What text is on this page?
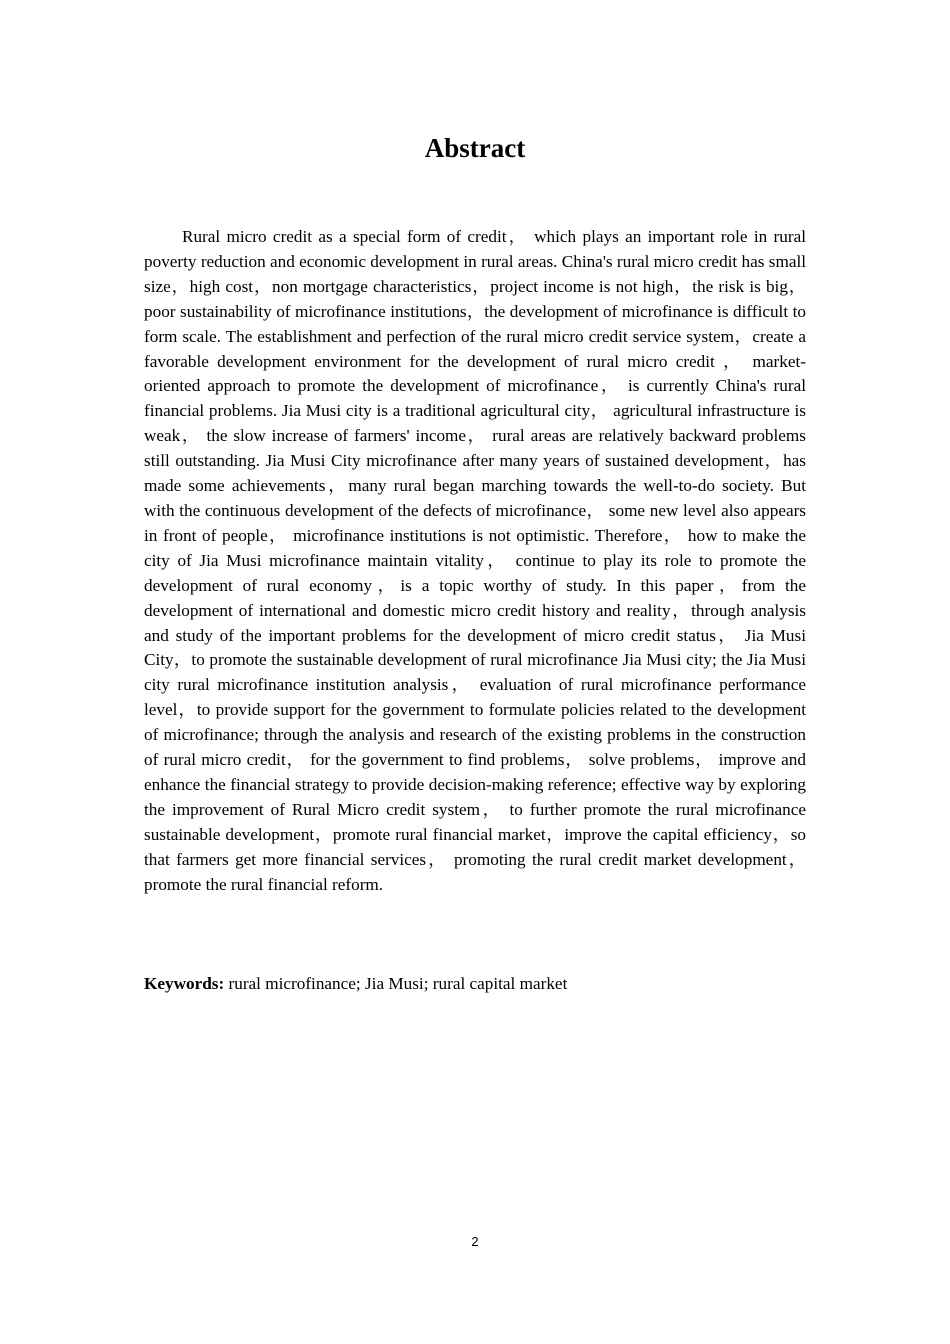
Abstract

Rural micro credit as a special form of credit， which plays an important role in rural poverty reduction and economic development in rural areas. China's rural micro credit has small size，high cost，non mortgage characteristics，project income is not high，the risk is big，poor sustainability of microfinance institutions，the development of microfinance is difficult to form scale. The establishment and perfection of the rural micro credit service system，create a favorable development environment for the development of rural micro credit ， market-oriented approach to promote the development of microfinance， is currently China's rural financial problems. Jia Musi city is a traditional agricultural city， agricultural infrastructure is weak， the slow increase of farmers' income， rural areas are relatively backward problems still outstanding. Jia Musi City microfinance after many years of sustained development，has made some achievements，many rural began marching towards the well-to-do society. But with the continuous development of the defects of microfinance， some new level also appears in front of people， microfinance institutions is not optimistic. Therefore， how to make the city of Jia Musi microfinance maintain vitality， continue to play its role to promote the development of rural economy，is a topic worthy of study. In this paper，from the development of international and domestic micro credit history and reality，through analysis and study of the important problems for the development of micro credit status， Jia Musi City，to promote the sustainable development of rural microfinance Jia Musi city; the Jia Musi city rural microfinance institution analysis， evaluation of rural microfinance performance level，to provide support for the government to formulate policies related to the development of microfinance; through the analysis and research of the existing problems in the construction of rural micro credit， for the government to find problems， solve problems， improve and enhance the financial strategy to provide decision-making reference; effective way by exploring the improvement of Rural Micro credit system， to further promote the rural microfinance sustainable development，promote rural financial market，improve the capital efficiency，so that farmers get more financial services， promoting the rural credit market development，promote the rural financial reform.

Keywords: rural microfinance; Jia Musi; rural capital market

2
